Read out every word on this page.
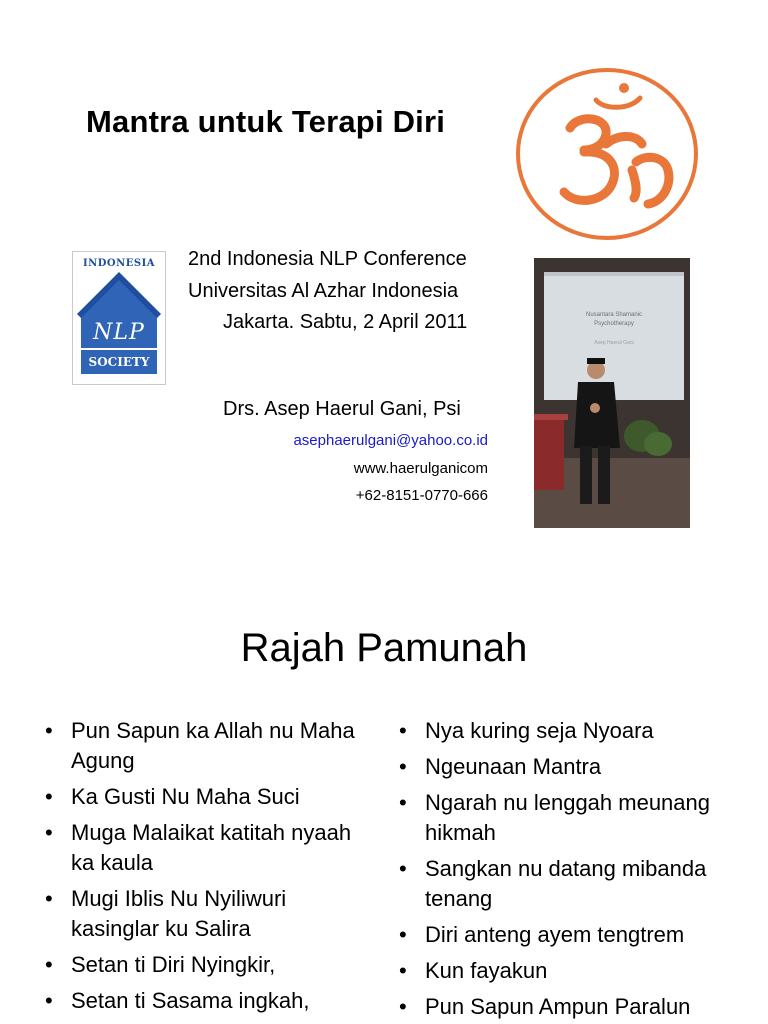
Mantra untuk Terapi Diri
INDONESIA
NLP
SOCIETY
2nd Indonesia NLP Conference
Universitas Al Azhar Indonesia
Jakarta. Sabtu, 2 April 2011
Drs. Asep Haerul Gani, Psi
asephaerulgani@yahoo.co.id
www.haerulganicom
+62-8151-0770-666
Nusantara Shamanic
Psychotherapy
Asep Haerul Gani
Rajah Pamunah
• Pun Sapun ka Allah nu Maha Agung
• Ka Gusti Nu Maha Suci
• Muga Malaikat katitah nyaah ka kaula
• Mugi Iblis Nu Nyiliwuri kasinglar ku Salira
• Setan ti Diri Nyingkir,
• Setan ti Sasama ingkah,
• Nya kuring seja Nyoara
• Ngeunaan Mantra
• Ngarah nu lenggah meunang hikmah
• Sangkan nu datang mibanda tenang
• Diri anteng ayem tengtrem
• Kun fayakun
• Pun Sapun Ampun Paralun
